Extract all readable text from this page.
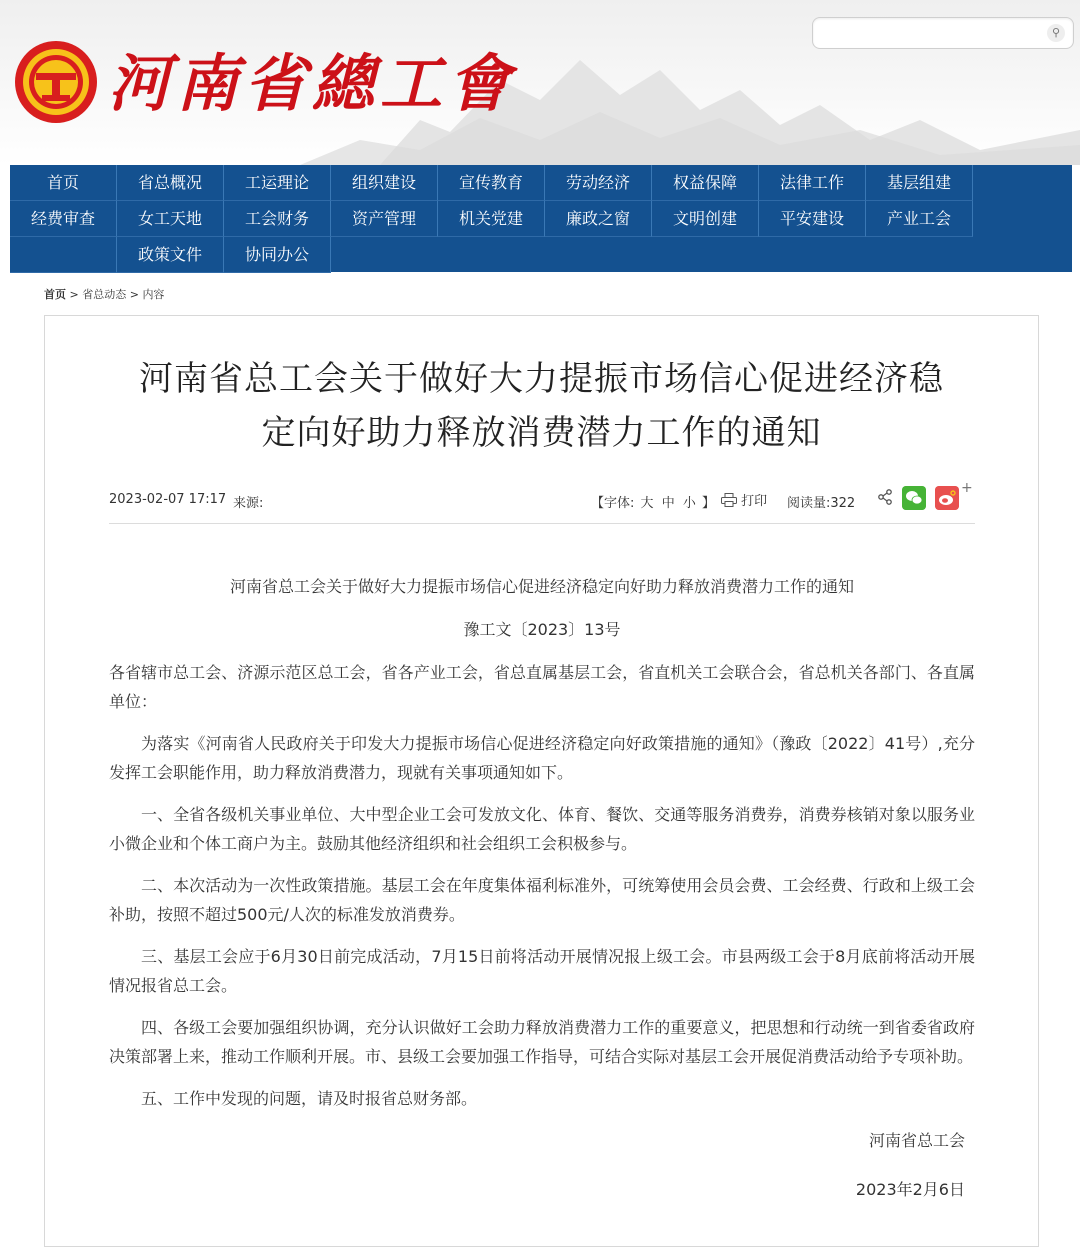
河南省總工會
⚲
首页	省总概况	工运理论	组织建设	宣传教育	劳动经济	权益保障	法律工作	基层组建
经费审查	女工天地	工会财务	资产管理	机关党建	廉政之窗	文明创建	平安建设	产业工会
政策文件	协同办公
首页 > 省总动态 > 内容
河南省总工会关于做好大力提振市场信心促进经济稳
定向好助力释放消费潜力工作的通知
2023-02-07 17:17 来源:	【字体: 大 中 小 】	打印 阅读量:322
+

河南省总工会关于做好大力提振市场信心促进经济稳定向好助力释放消费潜力工作的通知

豫工文〔2023〕13号

各省辖市总工会、济源示范区总工会，省各产业工会，省总直属基层工会，省直机关工会联合会，省总机关各部门、各直属单位：

为落实《河南省人民政府关于印发大力提振市场信心促进经济稳定向好政策措施的通知》（豫政〔2022〕41号）,充分发挥工会职能作用，助力释放消费潜力，现就有关事项通知如下。

一、全省各级机关事业单位、大中型企业工会可发放文化、体育、餐饮、交通等服务消费券，消费券核销对象以服务业小微企业和个体工商户为主。鼓励其他经济组织和社会组织工会积极参与。

二、本次活动为一次性政策措施。基层工会在年度集体福利标准外，可统筹使用会员会费、工会经费、行政和上级工会补助，按照不超过500元/人次的标准发放消费券。

三、基层工会应于6月30日前完成活动，7月15日前将活动开展情况报上级工会。市县两级工会于8月底前将活动开展情况报省总工会。

四、各级工会要加强组织协调，充分认识做好工会助力释放消费潜力工作的重要意义，把思想和行动统一到省委省政府决策部署上来，推动工作顺利开展。市、县级工会要加强工作指导，可结合实际对基层工会开展促消费活动给予专项补助。

五、工作中发现的问题，请及时报省总财务部。

河南省总工会

2023年2月6日
